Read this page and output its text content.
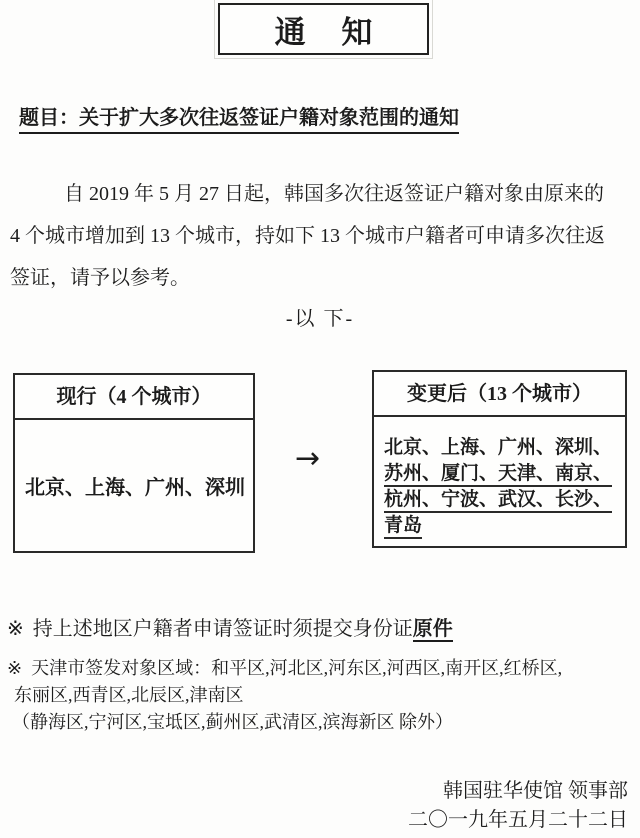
通 知
题目：关于扩大多次往返签证户籍对象范围的通知
自 2019 年 5 月 27 日起，韩国多次往返签证户籍对象由原来的
4 个城市增加到 13 个城市，持如下 13 个城市户籍者可申请多次往返
签证，请予以参考。
-以 下-
现行（4 个城市）
北京、上海、广州、深圳
→
变更后（13 个城市）
北京、上海、广州、深圳、
苏州、厦门、天津、南京、
杭州、宁波、武汉、长沙、
青岛
※ 持上述地区户籍者申请签证时须提交身份证原件
※ 天津市签发对象区域：和平区,河北区,河东区,河西区,南开区,红桥区,
东丽区,西青区,北辰区,津南区
（静海区,宁河区,宝坻区,蓟州区,武清区,滨海新区 除外）
韩国驻华使馆 领事部
二〇一九年五月二十二日
